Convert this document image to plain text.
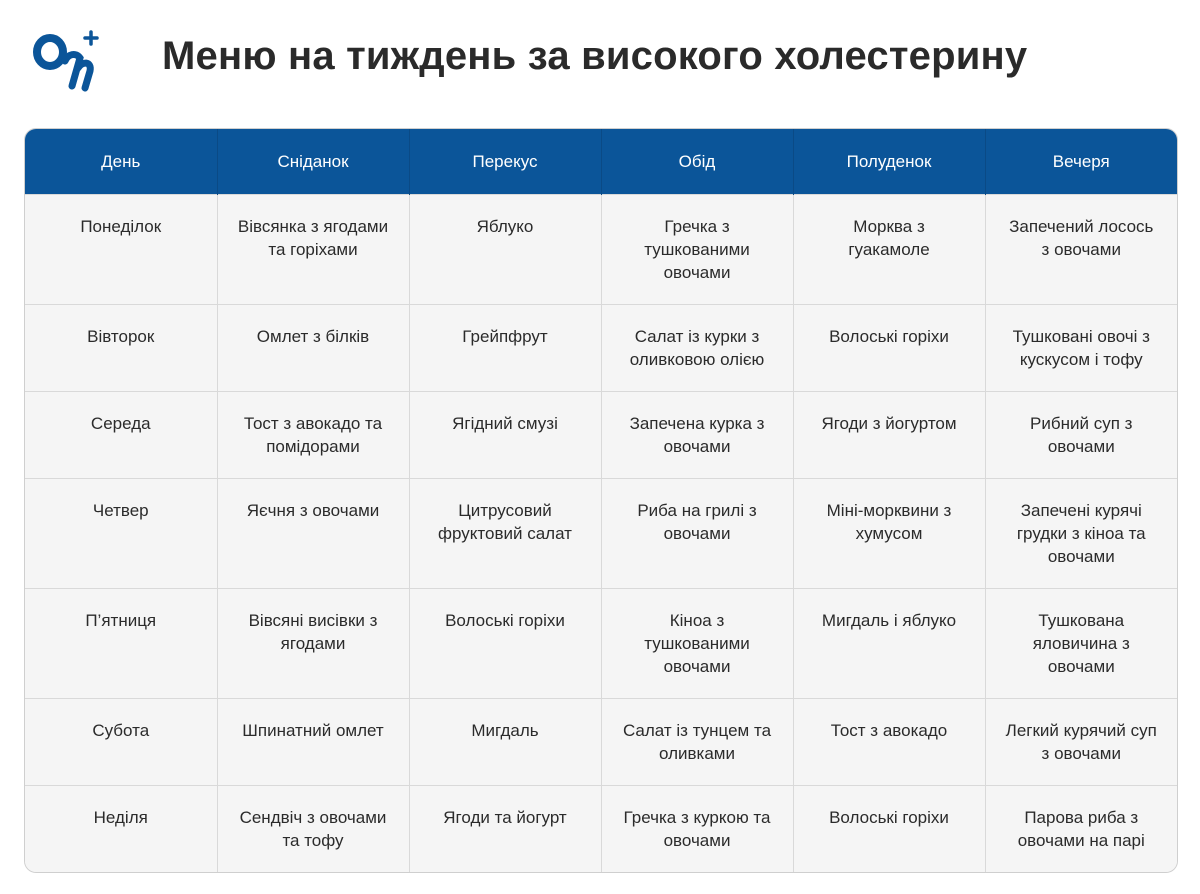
Меню на тиждень за високого холестерину
День	Сніданок	Перекус	Обід	Полуденок	Вечеря
Понеділок	Вівсянка з ягодами та горіхами	Яблуко	Гречка з тушкованими овочами	Морква з гуакамоле	Запечений лосось з овочами
Вівторок	Омлет з білків	Грейпфрут	Салат із курки з оливковою олією	Волоські горіхи	Тушковані овочі з кускусом і тофу
Середа	Тост з авокадо та помідорами	Ягідний смузі	Запечена курка з овочами	Ягоди з йогуртом	Рибний суп з овочами
Четвер	Яєчня з овочами	Цитрусовий фруктовий салат	Риба на грилі з овочами	Міні-морквини з хумусом	Запечені курячі грудки з кіноа та овочами
П’ятниця	Вівсяні висівки з ягодами	Волоські горіхи	Кіноа з тушкованими овочами	Мигдаль і яблуко	Тушкована яловичина з овочами
Субота	Шпинатний омлет	Мигдаль	Салат із тунцем та оливками	Тост з авокадо	Легкий курячий суп з овочами
Неділя	Сендвіч з овочами та тофу	Ягоди та йогурт	Гречка з куркою та овочами	Волоські горіхи	Парова риба з овочами на парі
